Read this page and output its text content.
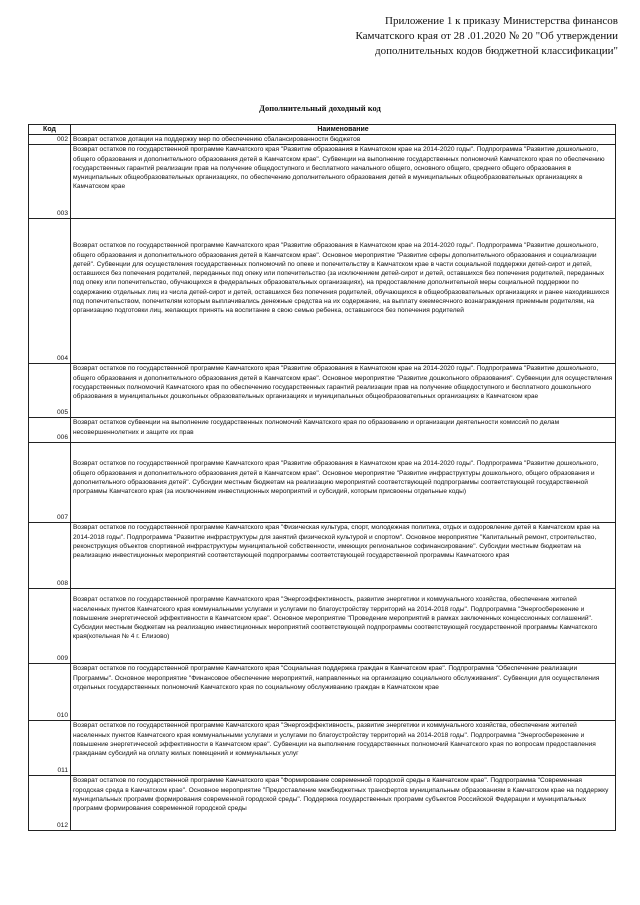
Приложение 1 к приказу Министерства финансов
Камчатского края от 28 .01.2020 № 20 "Об утверждении
дополнительных кодов бюджетной классификации"
Дополнительный доходный код
Код	Наименование
002	Возврат остатков дотации на поддержку мер по обеспечению сбалансированности бюджетов
003	Возврат остатков по государственной программе Камчатского края "Развитие образования в Камчатском крае на 2014-2020 годы". Подпрограмма "Развитие дошкольного, общего образования и дополнительного образования детей в Камчатском крае". Субвенции на выполнение государственных полномочий Камчатского края по обеспечению государственных гарантий реализации прав на получение общедоступного и бесплатного начального общего, основного общего, среднего общего образования в муниципальных общеобразовательных организациях, по обеспечению дополнительного образования детей в муниципальных общеобразовательных организациях в Камчатском крае
004	Возврат остатков по государственной программе Камчатского края "Развитие образования в Камчатском крае на 2014-2020 годы". Подпрограмма "Развитие дошкольного, общего образования и дополнительного образования детей в Камчатском крае". Основное мероприятие "Развитие сферы дополнительного образования и социализации детей". Субвенции для осуществления государственных полномочий по опеке и попечительству в Камчатском крае в части социальной поддержки детей-сирот и детей, оставшихся без попечения родителей, переданных под опеку или попечительство (за исключением детей-сирот и детей, оставшихся без попечения родителей, переданных под опеку или попечительство, обучающихся в федеральных образовательных организациях), на предоставление дополнительной меры социальной поддержки по содержанию отдельных лиц из числа детей-сирот и детей, оставшихся без попечения родителей, обучающихся в общеобразовательных организациях и ранее находившихся под попечительством, попечителям которым выплачивались денежные средства на их содержание, на выплату ежемесячного вознаграждения приемным родителям, на организацию подготовки лиц, желающих принять на воспитание в свою семью ребенка, оставшегося без попечения родителей
005	Возврат остатков по государственной программе Камчатского края "Развитие образования в Камчатском крае на 2014-2020 годы". Подпрограмма "Развитие дошкольного, общего образования и дополнительного образования детей в Камчатском крае". Основное мероприятие "Развитие дошкольного образования". Субвенции для осуществления государственных полномочий Камчатского края по обеспечению государственных гарантий реализации прав на получение общедоступного и бесплатного дошкольного образования в муниципальных дошкольных образовательных организациях и муниципальных общеобразовательных организациях в Камчатском крае
006	Возврат остатков субвенции на выполнение государственных полномочий Камчатского края по образованию и организации деятельности комиссий по делам несовершеннолетних и защите их прав
007	Возврат остатков по государственной программе Камчатского края "Развитие образования в Камчатском крае на 2014-2020 годы". Подпрограмма "Развитие дошкольного, общего образования и дополнительного образования детей в Камчатском крае". Основное мероприятие "Развитие инфраструктуры дошкольного, общего образования и дополнительного образования детей". Субсидии местным бюджетам на реализацию мероприятий соответствующей подпрограммы соответствующей государственной программы Камчатского края (за исключением инвестиционных мероприятий и субсидий, которым присвоены отдельные коды)
008	Возврат остатков по государственной программе Камчатского края "Физическая культура, спорт, молодежная политика, отдых и оздоровление детей в Камчатском крае на 2014-2018 годы". Подпрограмма "Развитие инфраструктуры для занятий физической культурой и спортом". Основное мероприятие "Капитальный ремонт, строительство, реконструкция объектов спортивной инфраструктуры муниципальной собственности, имеющих региональное софинансирование". Субсидии местным бюджетам на реализацию инвестиционных мероприятий соответствующей подпрограммы соответствующей государственной программы Камчатского края
009	Возврат остатков по государственной программе Камчатского края "Энергоэффективность, развитие энергетики и коммунального хозяйства, обеспечение жителей населенных пунктов Камчатского края коммунальными услугами и услугами по благоустройству территорий на 2014-2018 годы". Подпрограмма "Энергосбережение и повышение энергетической эффективности в Камчатском крае". Основное мероприятие "Проведение мероприятий в рамках заключенных концессионных соглашений". Субсидии местным бюджетам на реализацию инвестиционных мероприятий соответствующей подпрограммы соответствующей государственной программы Камчатского края(котельная № 4 г. Елизово)
010	Возврат остатков по государственной программе Камчатского края "Социальная поддержка граждан в Камчатском крае". Подпрограмма "Обеспечение реализации Программы". Основное мероприятие "Финансовое обеспечение мероприятий, направленных на организацию социального обслуживания". Субвенции для осуществления отдельных государственных полномочий Камчатского края по социальному обслуживанию граждан в Камчатском крае
011	Возврат остатков по государственной программе Камчатского края "Энергоэффективность, развитие энергетики и коммунального хозяйства, обеспечение жителей населенных пунктов Камчатского края коммунальными услугами и услугами по благоустройству территорий на 2014-2018 годы". Подпрограмма "Энергосбережение и повышение энергетической эффективности в Камчатском крае". Субвенции на выполнение государственных полномочий Камчатского края по вопросам предоставления гражданам субсидий на оплату жилых помещений и коммунальных услуг
012	Возврат остатков по государственной программе Камчатского края "Формирование современной городской среды в Камчатском крае". Подпрограмма "Современная городская среда в Камчатском крае". Основное мероприятие "Предоставление межбюджетных трансфертов муниципальным образованиям в Камчатском крае на поддержку муниципальных программ формирования современной городской среды". Поддержка государственных программ субъектов Российской Федерации и муниципальных программ формирования современной городской среды
